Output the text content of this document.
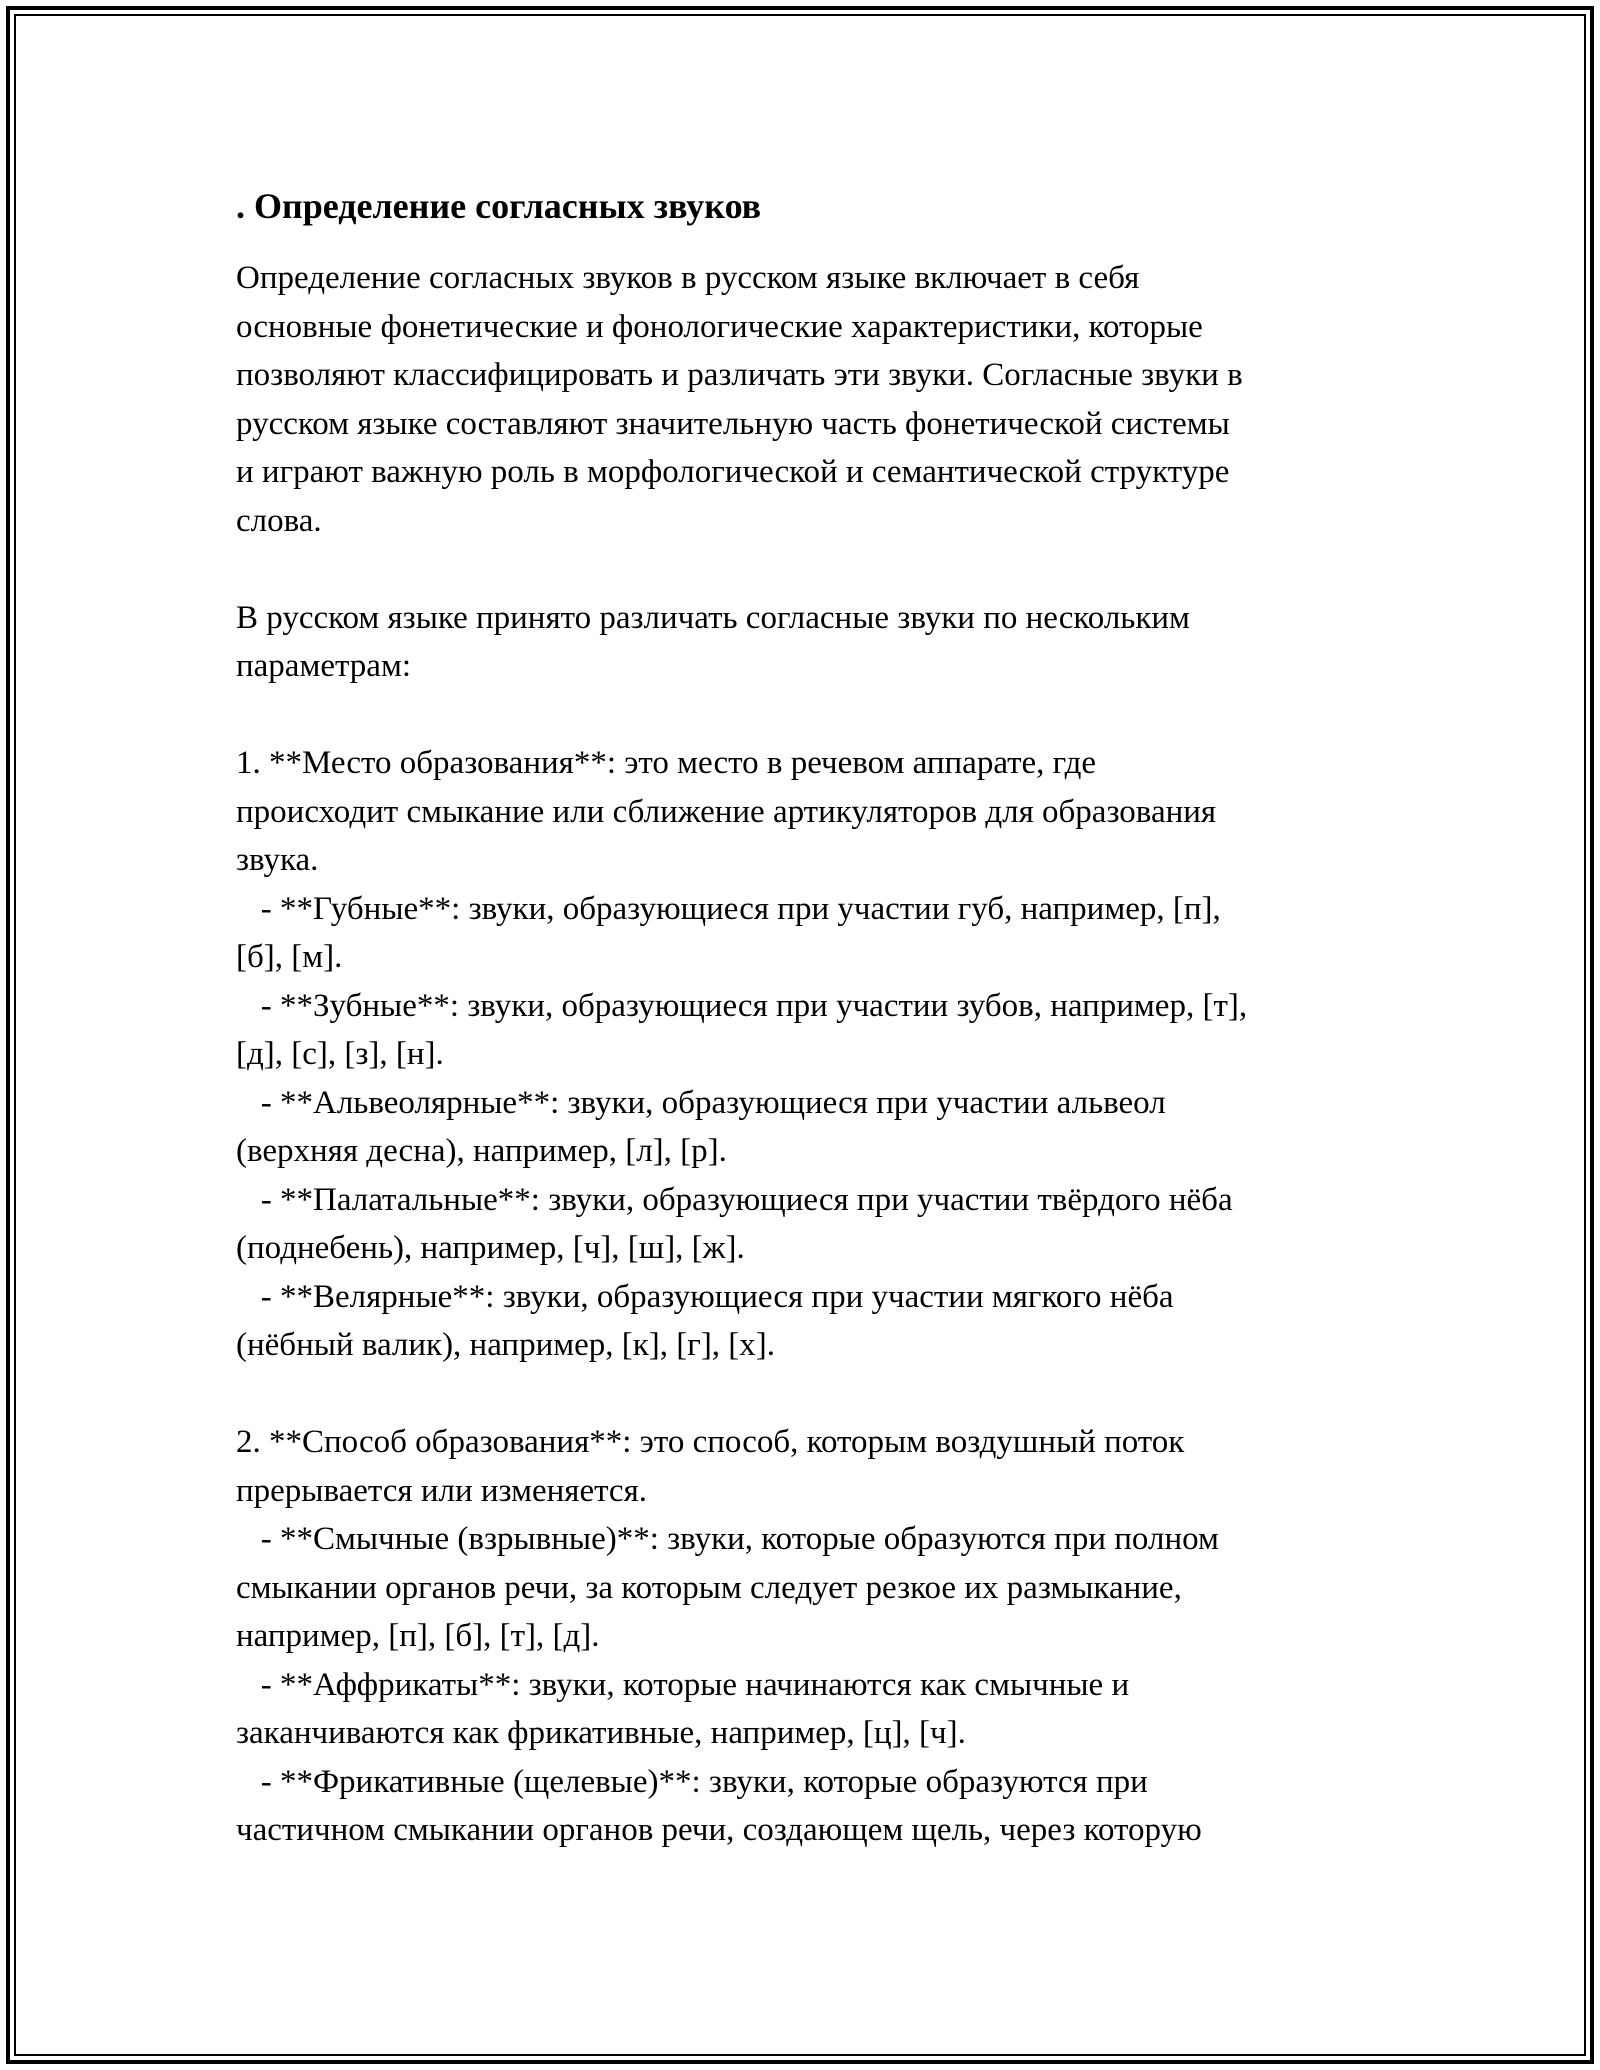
. Определение согласных звуков
Определение согласных звуков в русском языке включает в себя
основные фонетические и фонологические характеристики, которые
позволяют классифицировать и различать эти звуки. Согласные звуки в
русском языке составляют значительную часть фонетической системы
и играют важную роль в морфологической и семантической структуре
слова.
В русском языке принято различать согласные звуки по нескольким
параметрам:
1. **Место образования**: это место в речевом аппарате, где
происходит смыкание или сближение артикуляторов для образования
звука.
- **Губные**: звуки, образующиеся при участии губ, например, [п],
[б], [м].
- **Зубные**: звуки, образующиеся при участии зубов, например, [т],
[д], [с], [з], [н].
- **Альвеолярные**: звуки, образующиеся при участии альвеол
(верхняя десна), например, [л], [р].
- **Палатальные**: звуки, образующиеся при участии твёрдого нёба
(поднебень), например, [ч], [ш], [ж].
- **Велярные**: звуки, образующиеся при участии мягкого нёба
(нёбный валик), например, [к], [г], [х].
2. **Способ образования**: это способ, которым воздушный поток
прерывается или изменяется.
- **Смычные (взрывные)**: звуки, которые образуются при полном
смыкании органов речи, за которым следует резкое их размыкание,
например, [п], [б], [т], [д].
- **Аффрикаты**: звуки, которые начинаются как смычные и
заканчиваются как фрикативные, например, [ц], [ч].
- **Фрикативные (щелевые)**: звуки, которые образуются при
частичном смыкании органов речи, создающем щель, через которую
